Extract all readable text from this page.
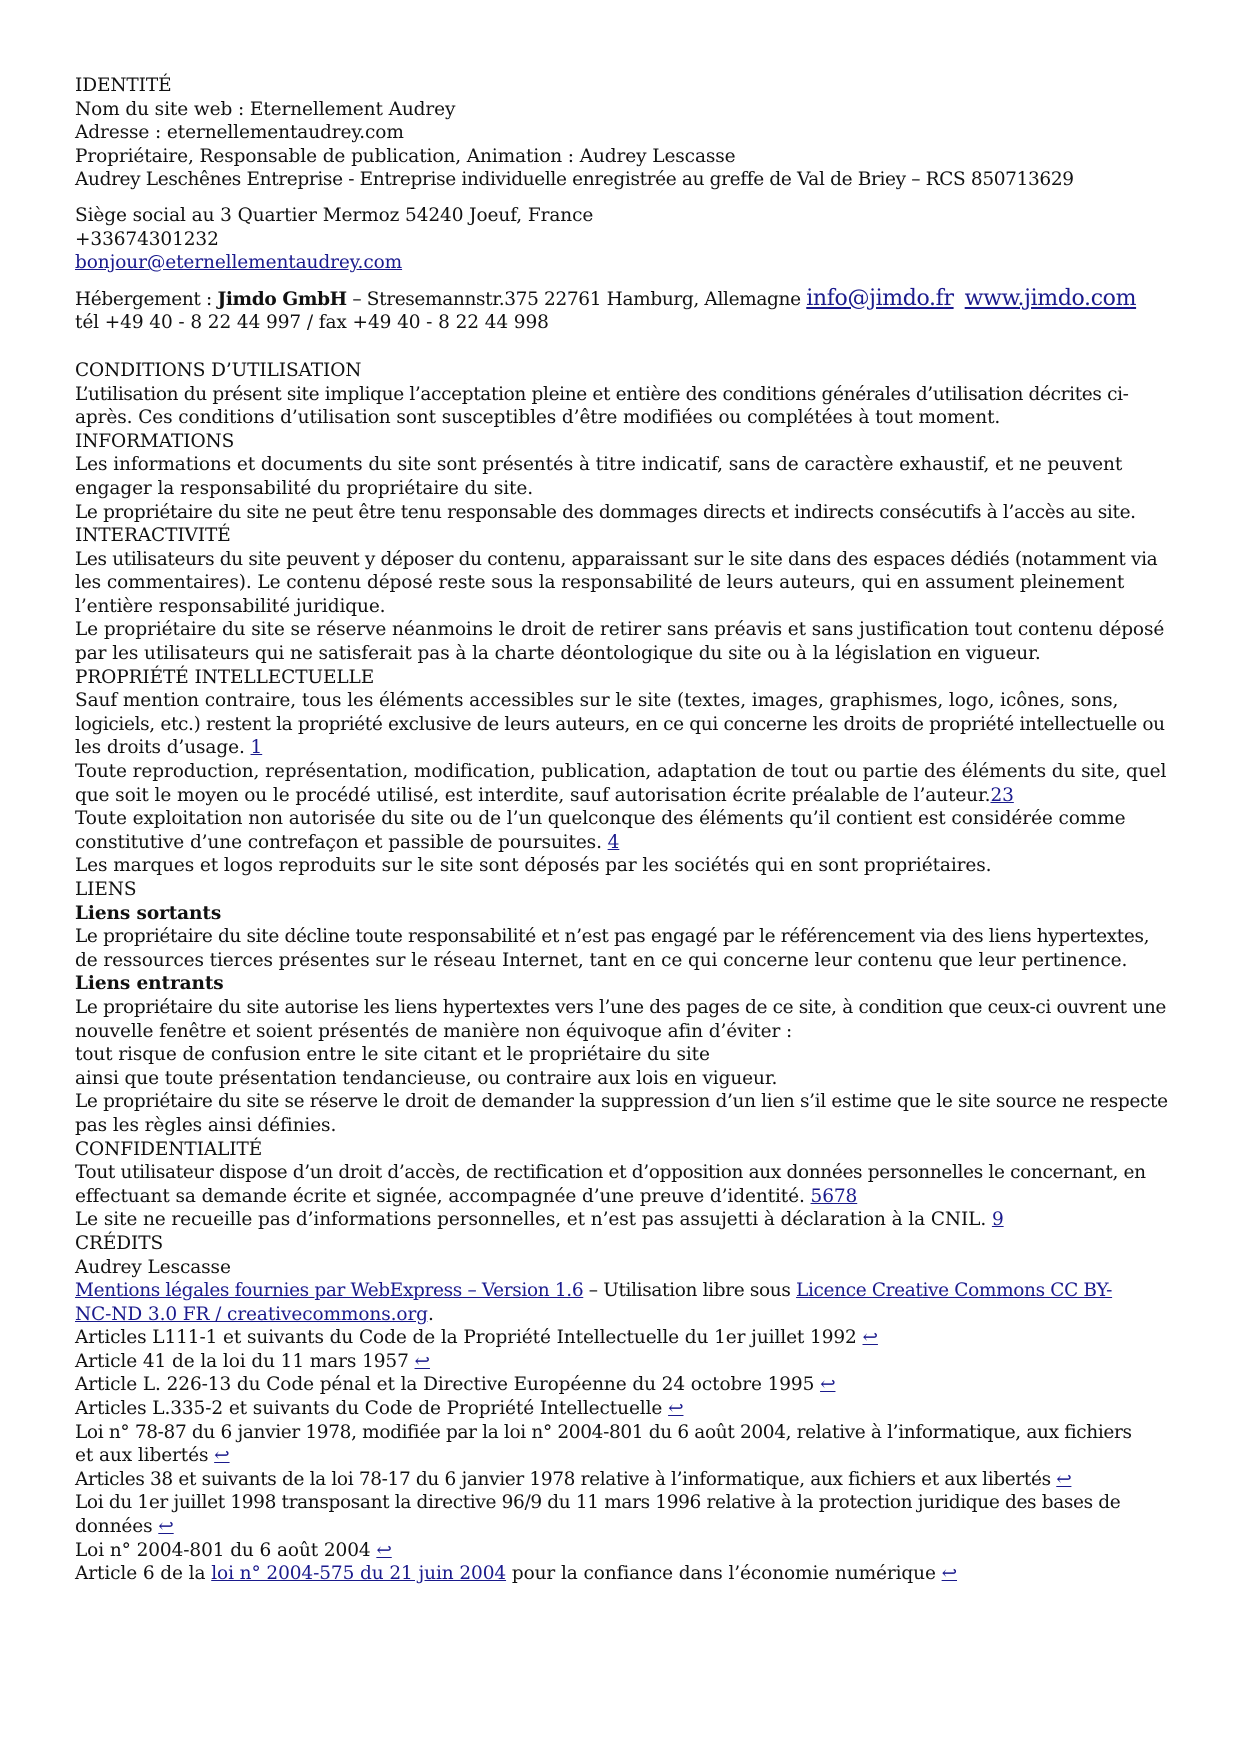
IDENTITÉ
Nom du site web : Eternellement Audrey
Adresse : eternellementaudrey.com
Propriétaire, Responsable de publication, Animation : Audrey Lescasse
Audrey Leschênes Entreprise - Entreprise individuelle enregistrée au greffe de Val de Briey – RCS 850713629
Siège social au 3 Quartier Mermoz 54240 Joeuf, France
+33674301232
bonjour@eternellementaudrey.com
Hébergement : Jimdo GmbH – Stresemannstr.375 22761 Hamburg, Allemagne info@jimdo.fr www.jimdo.com
tél +49 40 - 8 22 44 997 / fax +49 40 - 8 22 44 998
CONDITIONS D’UTILISATION
L’utilisation du présent site implique l’acceptation pleine et entière des conditions générales d’utilisation décrites ci-
après. Ces conditions d’utilisation sont susceptibles d’être modifiées ou complétées à tout moment.
INFORMATIONS
Les informations et documents du site sont présentés à titre indicatif, sans de caractère exhaustif, et ne peuvent
engager la responsabilité du propriétaire du site.
Le propriétaire du site ne peut être tenu responsable des dommages directs et indirects consécutifs à l’accès au site.
INTERACTIVITÉ
Les utilisateurs du site peuvent y déposer du contenu, apparaissant sur le site dans des espaces dédiés (notamment via
les commentaires). Le contenu déposé reste sous la responsabilité de leurs auteurs, qui en assument pleinement
l’entière responsabilité juridique.
Le propriétaire du site se réserve néanmoins le droit de retirer sans préavis et sans justification tout contenu déposé
par les utilisateurs qui ne satisferait pas à la charte déontologique du site ou à la législation en vigueur.
PROPRIÉTÉ INTELLECTUELLE
Sauf mention contraire, tous les éléments accessibles sur le site (textes, images, graphismes, logo, icônes, sons,
logiciels, etc.) restent la propriété exclusive de leurs auteurs, en ce qui concerne les droits de propriété intellectuelle ou
les droits d’usage. 1
Toute reproduction, représentation, modification, publication, adaptation de tout ou partie des éléments du site, quel
que soit le moyen ou le procédé utilisé, est interdite, sauf autorisation écrite préalable de l’auteur.23
Toute exploitation non autorisée du site ou de l’un quelconque des éléments qu’il contient est considérée comme
constitutive d’une contrefaçon et passible de poursuites. 4
Les marques et logos reproduits sur le site sont déposés par les sociétés qui en sont propriétaires.
LIENS
Liens sortants
Le propriétaire du site décline toute responsabilité et n’est pas engagé par le référencement via des liens hypertextes,
de ressources tierces présentes sur le réseau Internet, tant en ce qui concerne leur contenu que leur pertinence.
Liens entrants
Le propriétaire du site autorise les liens hypertextes vers l’une des pages de ce site, à condition que ceux-ci ouvrent une
nouvelle fenêtre et soient présentés de manière non équivoque afin d’éviter :
tout risque de confusion entre le site citant et le propriétaire du site
ainsi que toute présentation tendancieuse, ou contraire aux lois en vigueur.
Le propriétaire du site se réserve le droit de demander la suppression d’un lien s’il estime que le site source ne respecte
pas les règles ainsi définies.
CONFIDENTIALITÉ
Tout utilisateur dispose d’un droit d’accès, de rectification et d’opposition aux données personnelles le concernant, en
effectuant sa demande écrite et signée, accompagnée d’une preuve d’identité. 5678
Le site ne recueille pas d’informations personnelles, et n’est pas assujetti à déclaration à la CNIL. 9
CRÉDITS
Audrey Lescasse
Mentions légales fournies par WebExpress – Version 1.6 – Utilisation libre sous Licence Creative Commons CC BY-
NC-ND 3.0 FR / creativecommons.org.
Articles L111-1 et suivants du Code de la Propriété Intellectuelle du 1er juillet 1992 ↩
Article 41 de la loi du 11 mars 1957 ↩
Article L. 226-13 du Code pénal et la Directive Européenne du 24 octobre 1995 ↩
Articles L.335-2 et suivants du Code de Propriété Intellectuelle ↩
Loi n° 78-87 du 6 janvier 1978, modifiée par la loi n° 2004-801 du 6 août 2004, relative à l’informatique, aux fichiers
et aux libertés ↩
Articles 38 et suivants de la loi 78-17 du 6 janvier 1978 relative à l’informatique, aux fichiers et aux libertés ↩
Loi du 1er juillet 1998 transposant la directive 96/9 du 11 mars 1996 relative à la protection juridique des bases de
données ↩
Loi n° 2004-801 du 6 août 2004 ↩
Article 6 de la loi n° 2004-575 du 21 juin 2004 pour la confiance dans l’économie numérique ↩
